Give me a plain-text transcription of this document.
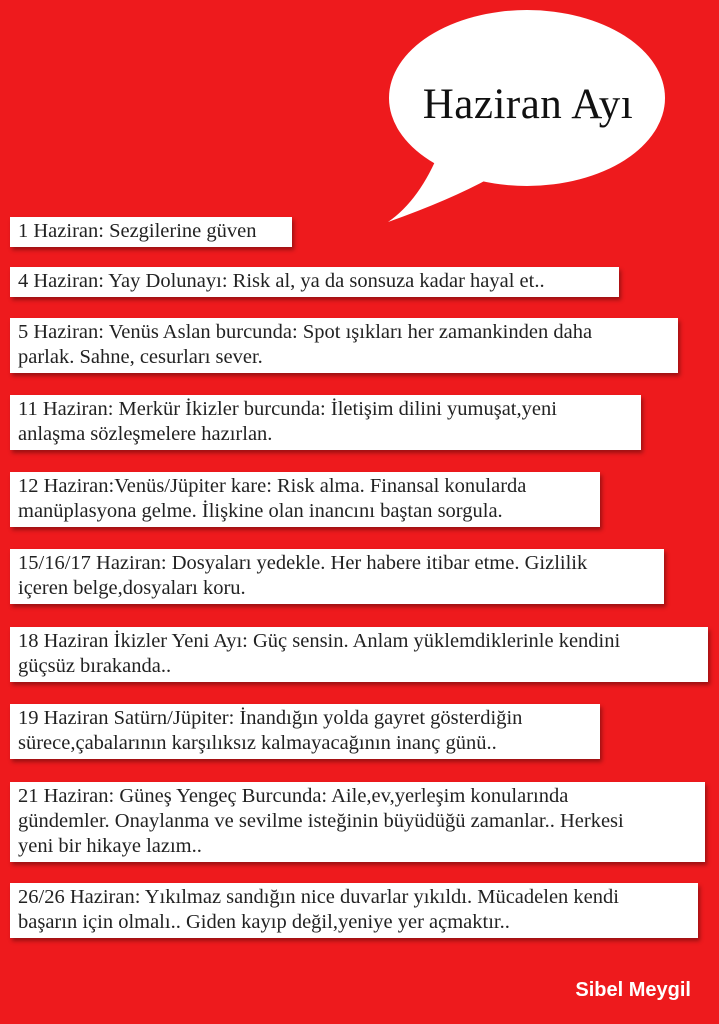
Haziran Ayı
1 Haziran: Sezgilerine güven
4 Haziran: Yay Dolunayı: Risk al, ya da sonsuza kadar hayal et..
5 Haziran: Venüs Aslan burcunda: Spot ışıkları her zamankinden daha
parlak. Sahne, cesurları sever.
11 Haziran: Merkür İkizler burcunda: İletişim dilini yumuşat,yeni
anlaşma sözleşmelere hazırlan.
12 Haziran:Venüs/Jüpiter kare: Risk alma. Finansal konularda
manüplasyona gelme. İlişkine olan inancını baştan sorgula.
15/16/17 Haziran: Dosyaları yedekle. Her habere itibar etme. Gizlilik
içeren belge,dosyaları koru.
18 Haziran İkizler Yeni Ayı: Güç sensin. Anlam yüklemdiklerinle kendini
güçsüz bırakanda..
19 Haziran Satürn/Jüpiter: İnandığın yolda gayret gösterdiğin
sürece,çabalarının karşılıksız kalmayacağının inanç günü..
21 Haziran: Güneş Yengeç Burcunda: Aile,ev,yerleşim konularında
gündemler. Onaylanma ve sevilme isteğinin büyüdüğü zamanlar.. Herkesi
yeni bir hikaye lazım..
26/26 Haziran: Yıkılmaz sandığın nice duvarlar yıkıldı. Mücadelen kendi
başarın için olmalı.. Giden kayıp değil,yeniye yer açmaktır..
Sibel Meygil
